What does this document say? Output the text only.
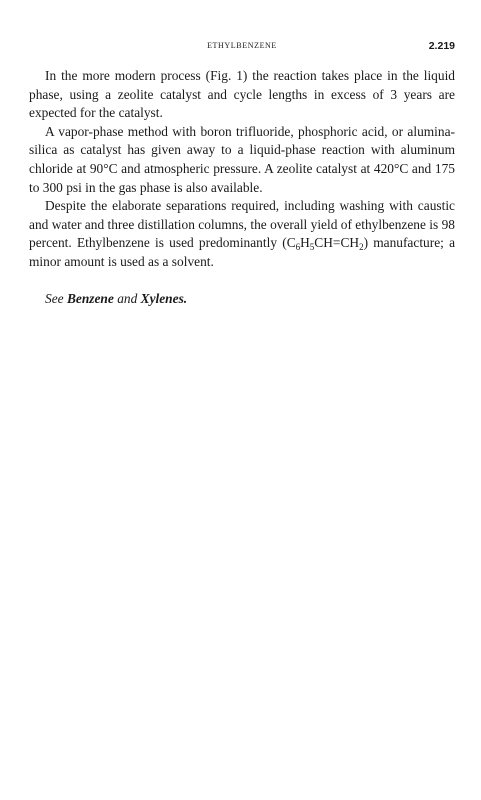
ETHYLBENZENE	2.219

In the more modern process (Fig. 1) the reaction takes place in the liquid phase, using a zeolite catalyst and cycle lengths in excess of 3 years are expected for the catalyst.

A vapor-phase method with boron trifluoride, phosphoric acid, or alumina-silica as catalyst has given away to a liquid-phase reaction with aluminum chloride at 90°C and atmospheric pressure. A zeolite catalyst at 420°C and 175 to 300 psi in the gas phase is also available.

Despite the elaborate separations required, including washing with caustic and water and three distillation columns, the overall yield of ethylbenzene is 98 percent. Ethylbenzene is used predominantly $(C_6H_5CH=CH_2)$ manufacture; a minor amount is used as a solvent.

See Benzene and Xylenes.
